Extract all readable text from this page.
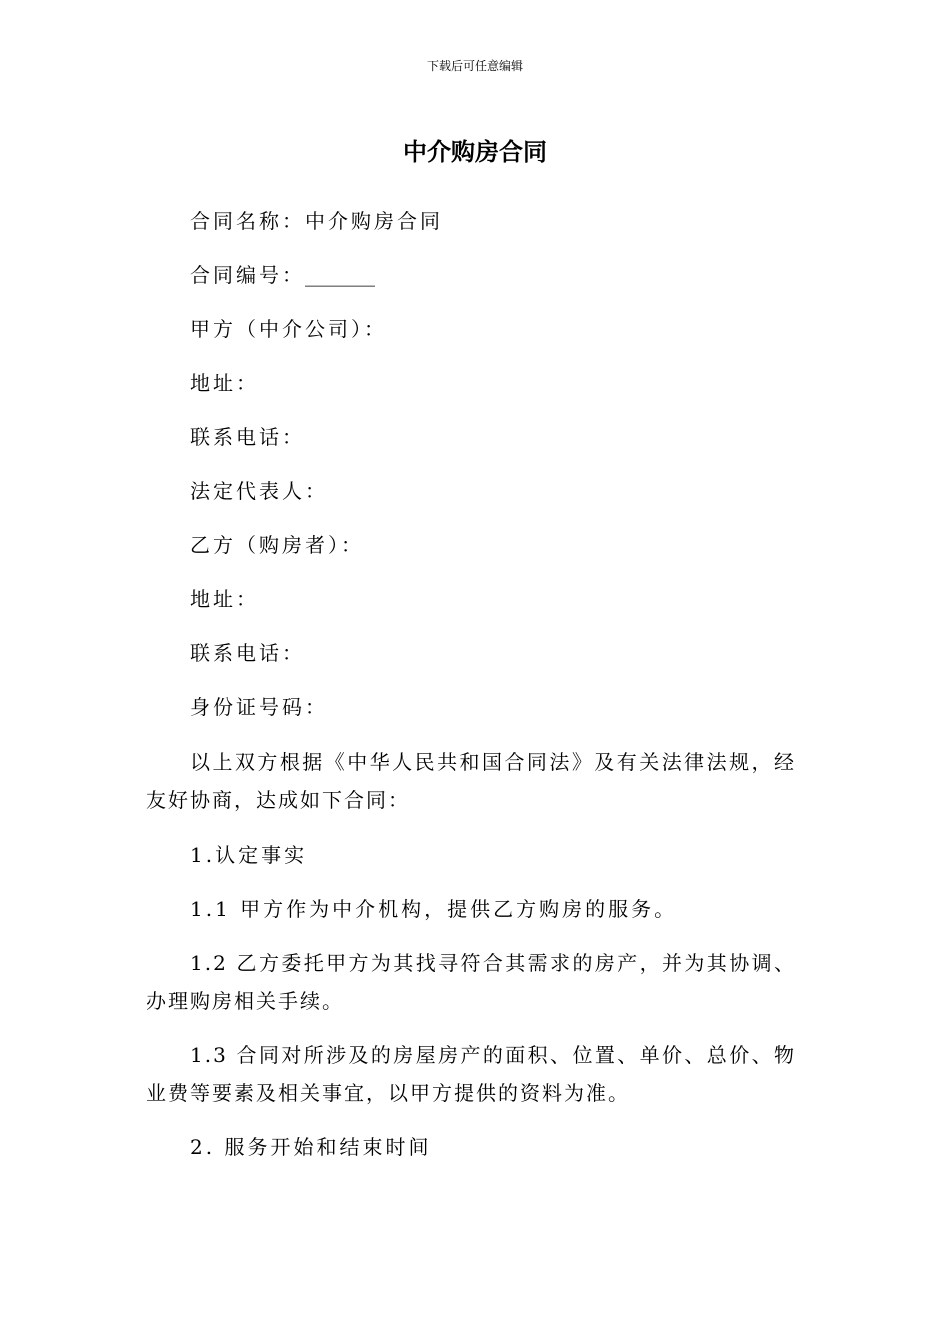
下载后可任意编辑
中介购房合同
合同名称：中介购房合同
合同编号：_______
甲方（中介公司）：
地址：
联系电话：
法定代表人：
乙方（购房者）：
地址：
联系电话：
身份证号码：
以上双方根据《中华人民共和国合同法》及有关法律法规，经友好协商，达成如下合同：
1.认定事实
1.1 甲方作为中介机构，提供乙方购房的服务。
1.2 乙方委托甲方为其找寻符合其需求的房产，并为其协调、办理购房相关手续。
1.3 合同对所涉及的房屋房产的面积、位置、单价、总价、物业费等要素及相关事宜，以甲方提供的资料为准。
2. 服务开始和结束时间
